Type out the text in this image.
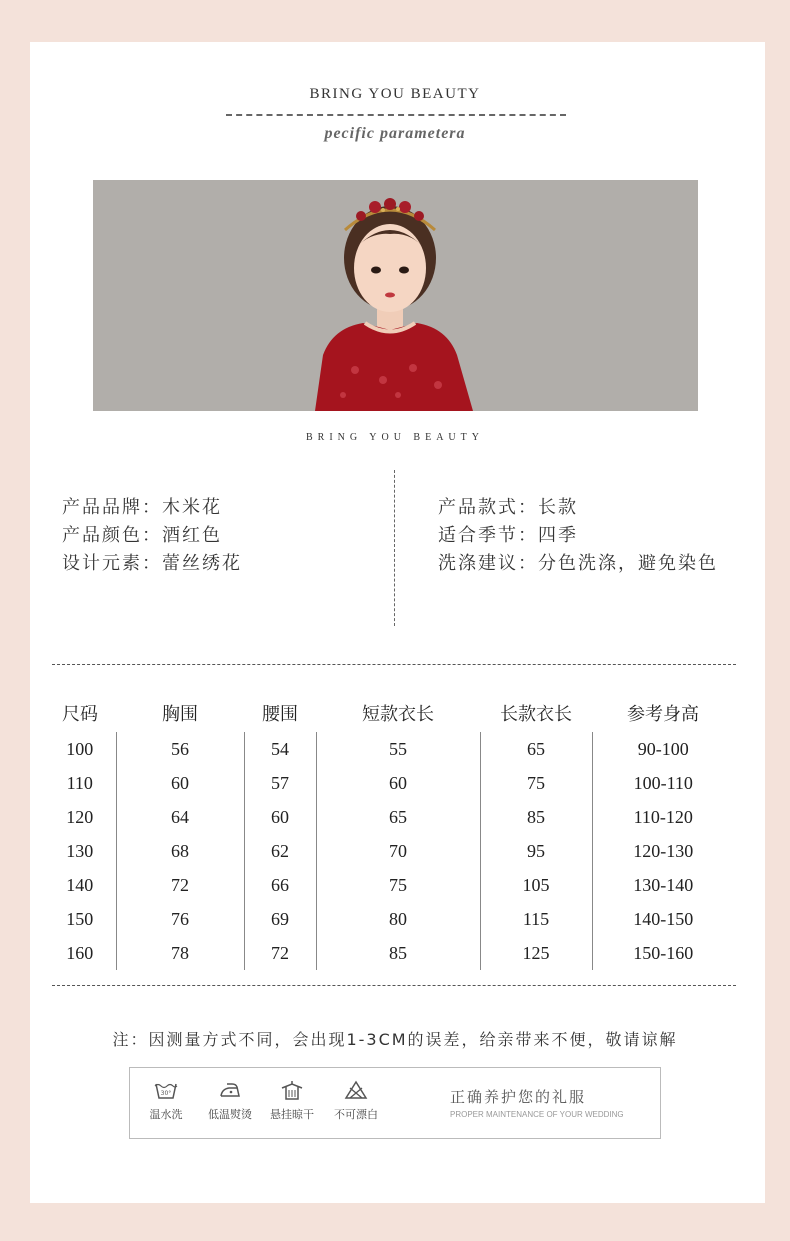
BRING YOU BEAUTY
pecific parametera
BRING YOU BEAUTY
产品品牌：木米花
产品颜色：酒红色
设计元素：蕾丝绣花
产品款式：长款
适合季节：四季
洗涤建议：分色洗涤，避免染色
尺码	胸围	腰围	短款衣长	长款衣长	参考身高
100	56	54	55	65	90-100
110	60	57	60	75	100-110
120	64	60	65	85	110-120
130	68	62	70	95	120-130
140	72	66	75	105	130-140
150	76	69	80	115	140-150
160	78	72	85	125	150-160
注：因测量方式不同，会出现1-3CM的误差，给亲带来不便，敬请谅解
30°
温水洗	低温熨烫	悬挂晾干	不可漂白
正确养护您的礼服
PROPER MAINTENANCE OF YOUR WEDDING
